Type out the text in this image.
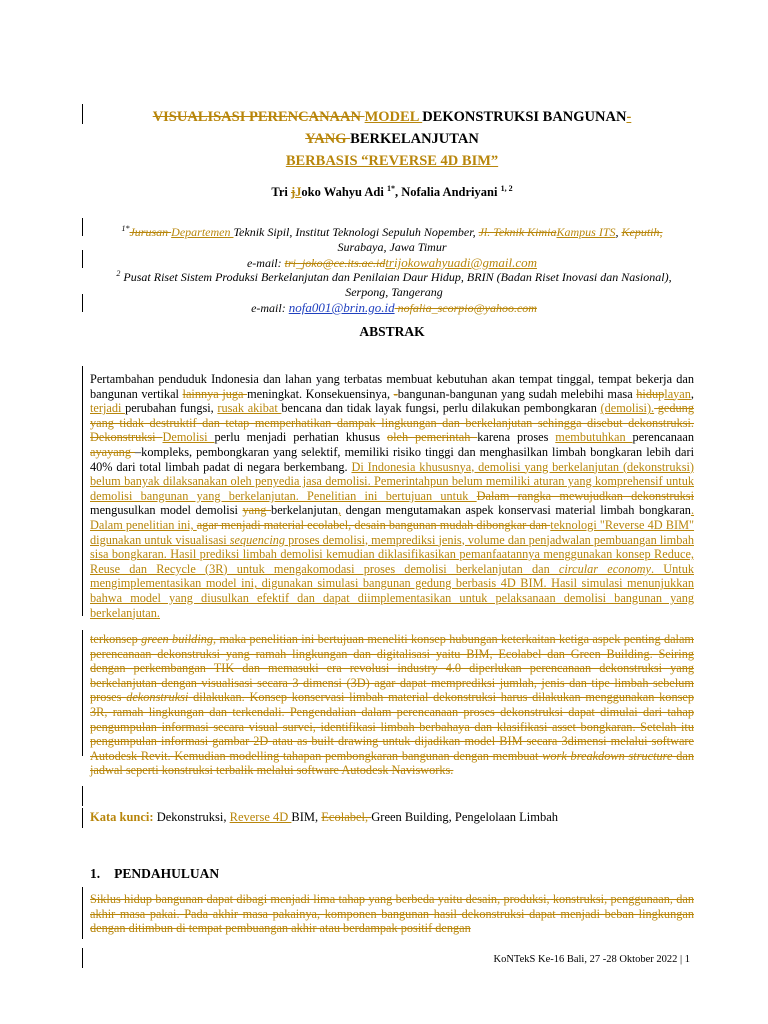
VISUALISASI PERENCANAAN MODEL DEKONSTRUKSI BANGUNAN-
YANG BERKELANJUTAN
BERBASIS “REVERSE 4D BIM”
Tri jJoko Wahyu Adi $^{1*}$, Nofalia Andriyani $^{1, 2}$
$^{1*}$Jurusan Departemen Teknik Sipil, Institut Teknologi Sepuluh Nopember, Jl. Teknik KimiaKampus ITS, Keputih,
Surabaya, Jawa Timur
e-mail: tri_joko@ce.its.ac.idtrijokowahyuadi@gmail.com
$^2$ Pusat Riset Sistem Produksi Berkelanjutan dan Penilaian Daur Hidup, BRIN (Badan Riset Inovasi dan Nasional),
Serpong, Tangerang
e-mail: nofa001@brin.go.id nofalia_scorpio@yahoo.com
ABSTRAK
Pertambahan penduduk Indonesia dan lahan yang terbatas membuat kebutuhan akan tempat tinggal, tempat bekerja dan bangunan vertikal lainnya juga meningkat. Konsekuensinya, -bangunan-bangunan yang sudah melebihi masa hiduplayan, terjadi perubahan fungsi, rusak akibat bencana dan tidak layak fungsi, perlu dilakukan pembongkaran (demolisi). gedung yang tidak destruktif dan tetap memperhatikan dampak lingkungan dan berkelanjutan sehingga disebut dekonstruksi. Dekonstruksi Demolisi perlu menjadi perhatian khusus oleh pemerintah karena proses membutuhkan perencanaan ayayang –kompleks, pembongkaran yang selektif, memiliki risiko tinggi dan menghasilkan limbah bongkaran lebih dari 40% dari total limbah padat di negara berkembang. Di Indonesia khususnya, demolisi yang berkelanjutan (dekonstruksi) belum banyak dilaksanakan oleh penyedia jasa demolisi. Pemerintahpun belum memiliki aturan yang komprehensif untuk demolisi bangunan yang berkelanjutan. Penelitian ini bertujuan untuk Dalam rangka mewujudkan dekonstruksi mengusulkan model demolisi yang berkelanjutan, dengan mengutamakan aspek konservasi material limbah bongkaran. Dalam penelitian ini, agar menjadi material ecolabel, desain bangunan mudah dibongkar dan teknologi "Reverse 4D BIM" digunakan untuk visualisasi sequencing proses demolisi, memprediksi jenis, volume dan penjadwalan pembuangan limbah sisa bongkaran. Hasil prediksi limbah demolisi kemudian diklasifikasikan pemanfaatannya menggunakan konsep Reduce, Reuse dan Recycle (3R) untuk mengakomodasi proses demolisi berkelanjutan dan circular economy. Untuk mengimplementasikan model ini, digunakan simulasi bangunan gedung berbasis 4D BIM. Hasil simulasi menunjukkan bahwa model yang diusulkan efektif dan dapat diimplementasikan untuk pelaksanaan demolisi bangunan yang berkelanjutan.
terkonsep green building, maka penelitian ini bertujuan meneliti konsep hubungan keterkaitan ketiga aspek penting dalam perencanaan dekonstruksi yang ramah lingkungan dan digitalisasi yaitu BIM, Ecolabel dan Green Building. Seiring dengan perkembangan TIK dan memasuki era revolusi industry 4.0 diperlukan perencanaan dekonstruksi yang berkelanjutan dengan visualisasi secara 3 dimensi (3D) agar dapat memprediksi jumlah, jenis dan tipe limbah sebelum proses dekonstruksi dilakukan. Konsep konservasi limbah material dekonstruksi harus dilakukan menggunakan konsep 3R, ramah lingkungan dan terkendali. Pengendalian dalam perencanaan proses dekonstruksi dapat dimulai dari tahap pengumpulan informasi secara visual survei, identifikasi limbah berbahaya dan klasifikasi asset bongkaran. Setelah itu pengumpulan informasi gambar 2D atau as built drawing untuk dijadikan model BIM secara 3dimensi melalui software Autodesk Revit. Kemudian modelling tahapan pembongkaran bangunan dengan membuat work breakdown structure dan jadwal seperti konstruksi terbalik melalui software Autodesk Navisworks.
Kata kunci: Dekonstruksi, Reverse 4D BIM, Ecolabel, Green Building, Pengelolaan Limbah
1. PENDAHULUAN
Siklus hidup bangunan dapat dibagi menjadi lima tahap yang berbeda yaitu desain, produksi, konstruksi, penggunaan, dan akhir masa pakai. Pada akhir masa pakainya, komponen bangunan hasil dekonstruksi dapat menjadi beban lingkungan dengan ditimbun di tempat pembuangan akhir atau berdampak positif dengan
KoNTekS Ke-16 Bali, 27 -28 Oktober 2022 | 1
